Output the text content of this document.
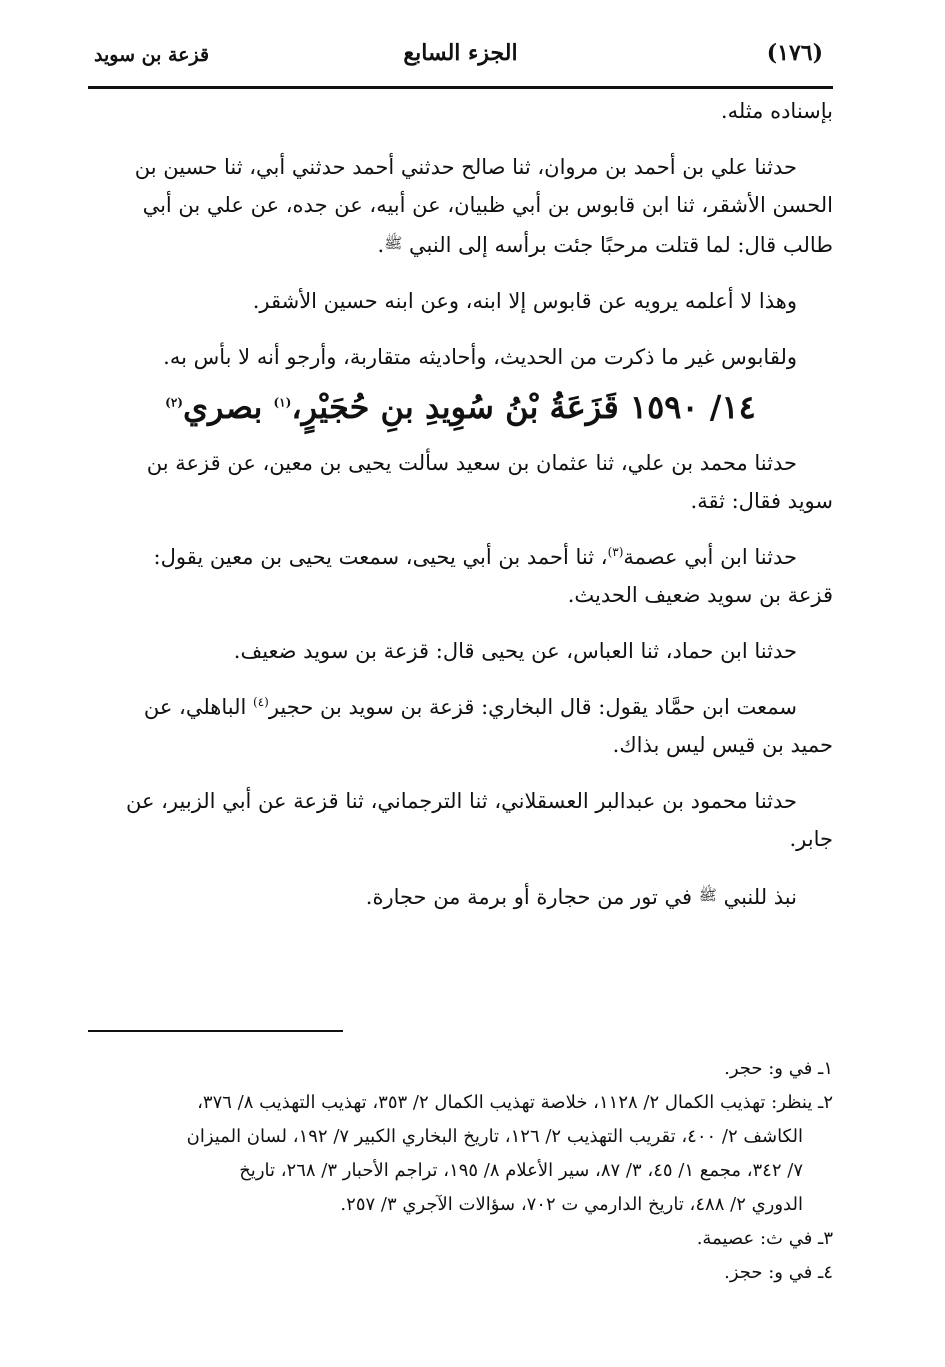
(١٧٦)
الجزء السابع
قزعة بن سويد

بإسناده مثله.

حدثنا علي بن أحمد بن مروان، ثنا صالح حدثني أحمد حدثني أبي، ثنا حسين بن

الحسن الأشقر، ثنا ابن قابوس بن أبي ظبيان، عن أبيه، عن جده، عن علي بن أبي

طالب قال: لما قتلت مرحبًا جئت برأسه إلى النبي ﷺ.

وهذا لا أعلمه يرويه عن قابوس إلا ابنه، وعن ابنه حسين الأشقر.

ولقابوس غير ما ذكرت من الحديث، وأحاديثه متقاربة، وأرجو أنه لا بأس به.

١٤/ ١٥٩٠ قَزَعَةُ بْنُ سُوِيدِ بنِ حُجَيْرٍ،$^{(١)}$ بصري$^{(٢)}$

حدثنا محمد بن علي، ثنا عثمان بن سعيد سألت يحيى بن معين، عن قزعة بن

سويد فقال: ثقة.

حدثنا ابن أبي عصمة$^{(٣)}$، ثنا أحمد بن أبي يحيى، سمعت يحيى بن معين يقول:

قزعة بن سويد ضعيف الحديث.

حدثنا ابن حماد، ثنا العباس، عن يحيى قال: قزعة بن سويد ضعيف.

سمعت ابن حمَّاد يقول: قال البخاري: قزعة بن سويد بن حجير$^{(٤)}$ الباهلي، عن

حميد بن قيس ليس بذاك.

حدثنا محمود بن عبدالبر العسقلاني، ثنا الترجماني، ثنا قزعة عن أبي الزبير، عن

جابر.

نبذ للنبي ﷺ في تور من حجارة أو برمة من حجارة.

١ـ في و: حجر.

٢ـ ينظر: تهذيب الكمال ٢/ ١١٢٨، خلاصة تهذيب الكمال ٢/ ٣٥٣، تهذيب التهذيب ٨/ ٣٧٦،

الكاشف ٢/ ٤٠٠، تقريب التهذيب ٢/ ١٢٦، تاريخ البخاري الكبير ٧/ ١٩٢، لسان الميزان

٧/ ٣٤٢، مجمع ١/ ٤٥، ٣/ ٨٧، سير الأعلام ٨/ ١٩٥، تراجم الأحبار ٣/ ٢٦٨، تاريخ

الدوري ٢/ ٤٨٨، تاريخ الدارمي ت ٧٠٢، سؤالات الآجري ٣/ ٢٥٧.

٣ـ في ث: عصيمة.

٤ـ في و: حجز.
